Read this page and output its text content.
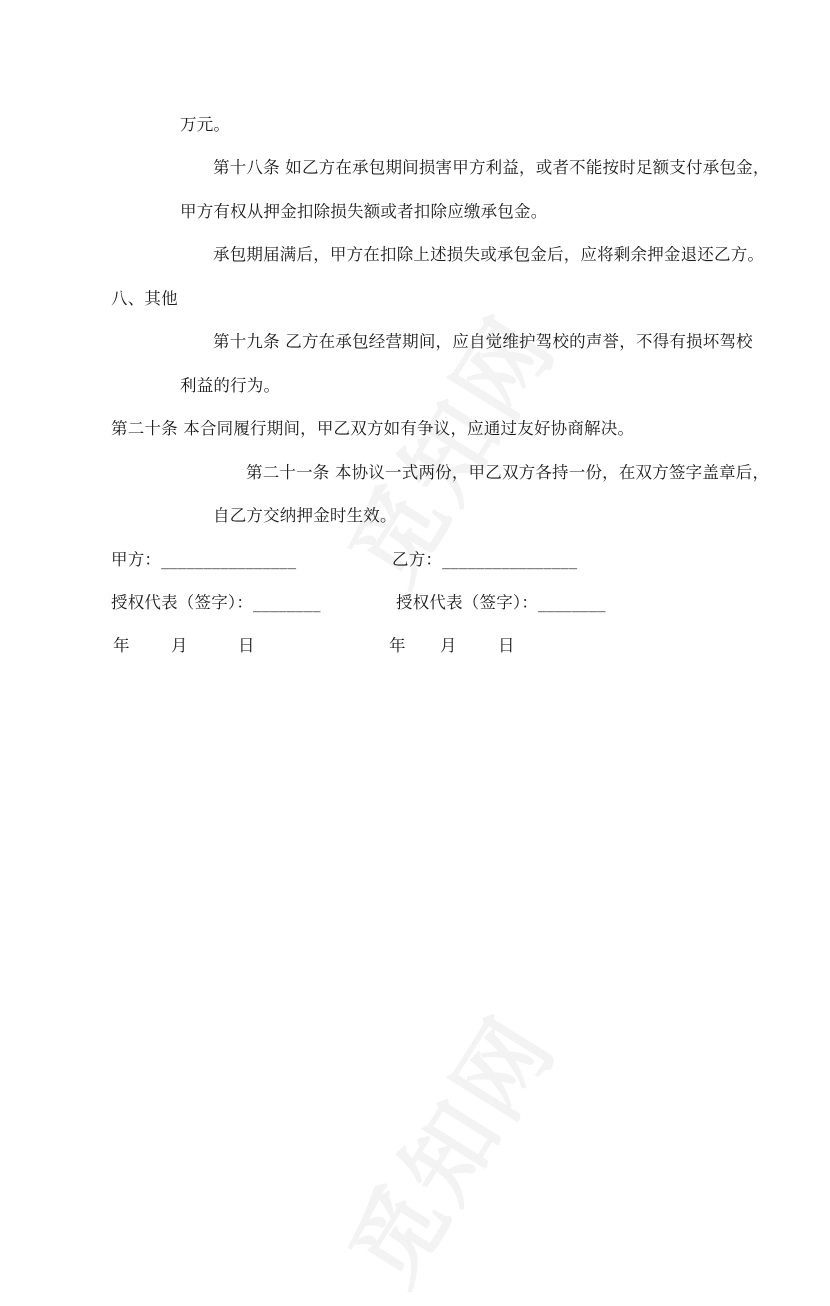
万元。
第十八条 如乙方在承包期间损害甲方利益，或者不能按时足额支付承包金，
甲方有权从押金扣除损失额或者扣除应缴承包金。
承包期届满后，甲方在扣除上述损失或承包金后，应将剩余押金退还乙方。
八、其他
第十九条 乙方在承包经营期间，应自觉维护驾校的声誉，不得有损坏驾校
利益的行为。
第二十条 本合同履行期间，甲乙双方如有争议，应通过友好协商解决。
第二十一条 本协议一式两份，甲乙双方各持一份，在双方签字盖章后，
自乙方交纳押金时生效。
甲方：________________	乙方：________________
授权代表（签字）：________	授权代表（签字）：________
年	月	日	年 月	日
